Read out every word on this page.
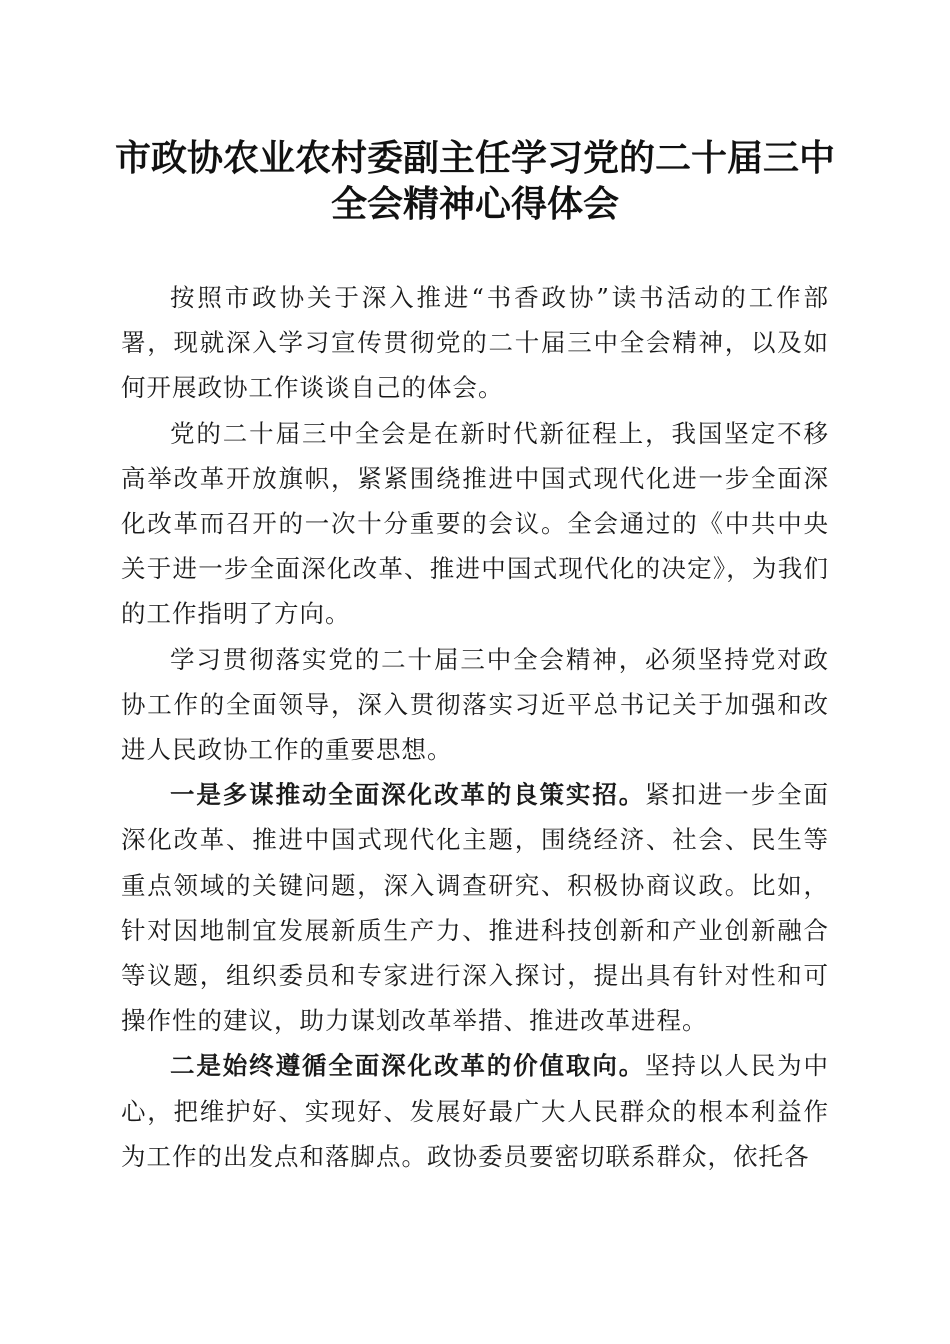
市政协农业农村委副主任学习党的二十届三中
全会精神心得体会

按照市政协关于深入推进“书香政协”读书活动的工作部署，现就深入学习宣传贯彻党的二十届三中全会精神，以及如何开展政协工作谈谈自己的体会。

党的二十届三中全会是在新时代新征程上，我国坚定不移高举改革开放旗帜，紧紧围绕推进中国式现代化进一步全面深化改革而召开的一次十分重要的会议。全会通过的《中共中央关于进一步全面深化改革、推进中国式现代化的决定》，为我们的工作指明了方向。

学习贯彻落实党的二十届三中全会精神，必须坚持党对政协工作的全面领导，深入贯彻落实习近平总书记关于加强和改进人民政协工作的重要思想。

一是多谋推动全面深化改革的良策实招。紧扣进一步全面深化改革、推进中国式现代化主题，围绕经济、社会、民生等重点领域的关键问题，深入调查研究、积极协商议政。比如，针对因地制宜发展新质生产力、推进科技创新和产业创新融合等议题，组织委员和专家进行深入探讨，提出具有针对性和可操作性的建议，助力谋划改革举措、推进改革进程。

二是始终遵循全面深化改革的价值取向。坚持以人民为中心，把维护好、实现好、发展好最广大人民群众的根本利益作为工作的出发点和落脚点。政协委员要密切联系群众，依托各
